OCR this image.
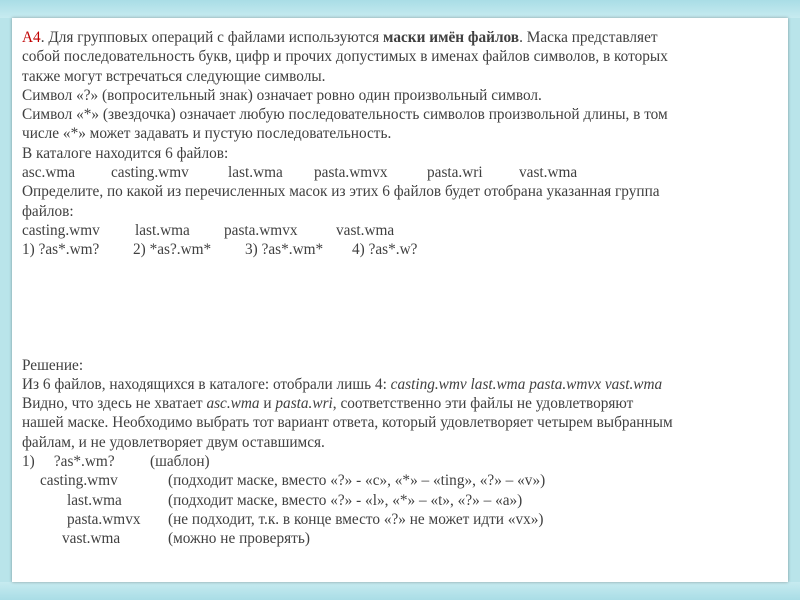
А4. Для групповых операций с файлами используются маски имён файлов. Маска представляет
собой последовательность букв, цифр и прочих допустимых в именах файлов символов, в которых
также могут встречаться следующие символы.
Символ «?» (вопросительный знак) означает ровно один произвольный символ.
Символ «*» (звездочка) означает любую последовательность символов произвольной длины, в том
числе «*» может задавать и пустую последовательность.
В каталоге находится 6 файлов:
asc.wma casting.wmv	last.wma pasta.wmvx	pasta.wri vast.wma
Определите, по какой из перечисленных масок из этих 6 файлов будет отобрана указанная группа
файлов:
casting.wmv last.wma pasta.wmvx	vast.wma
1) ?as*.wm? 2) *as?.wm* 3) ?as*.wm* 4) ?as*.w?
Решение:
Из 6 файлов, находящихся в каталоге: отобрали лишь 4: casting.wmv last.wma pasta.wmvx vast.wma
Видно, что здесь не хватает asc.wma и pasta.wri, соответственно эти файлы не удовлетворяют
нашей маске. Необходимо выбрать тот вариант ответа, который удовлетворяет четырем выбранным
файлам, и не удовлетворяет двум оставшимся.
1)     ?as*.wm? (шаблон)
casting.wmv	(подходит маске, вместо «?» - «c», «*» – «ting», «?» – «v»)
last.wma	(подходит маске, вместо «?» - «l», «*» – «t», «?» – «a»)
pasta.wmvx (не подходит, т.к. в конце вместо «?» не может идти «vx»)
vast.wma	(можно не проверять)
